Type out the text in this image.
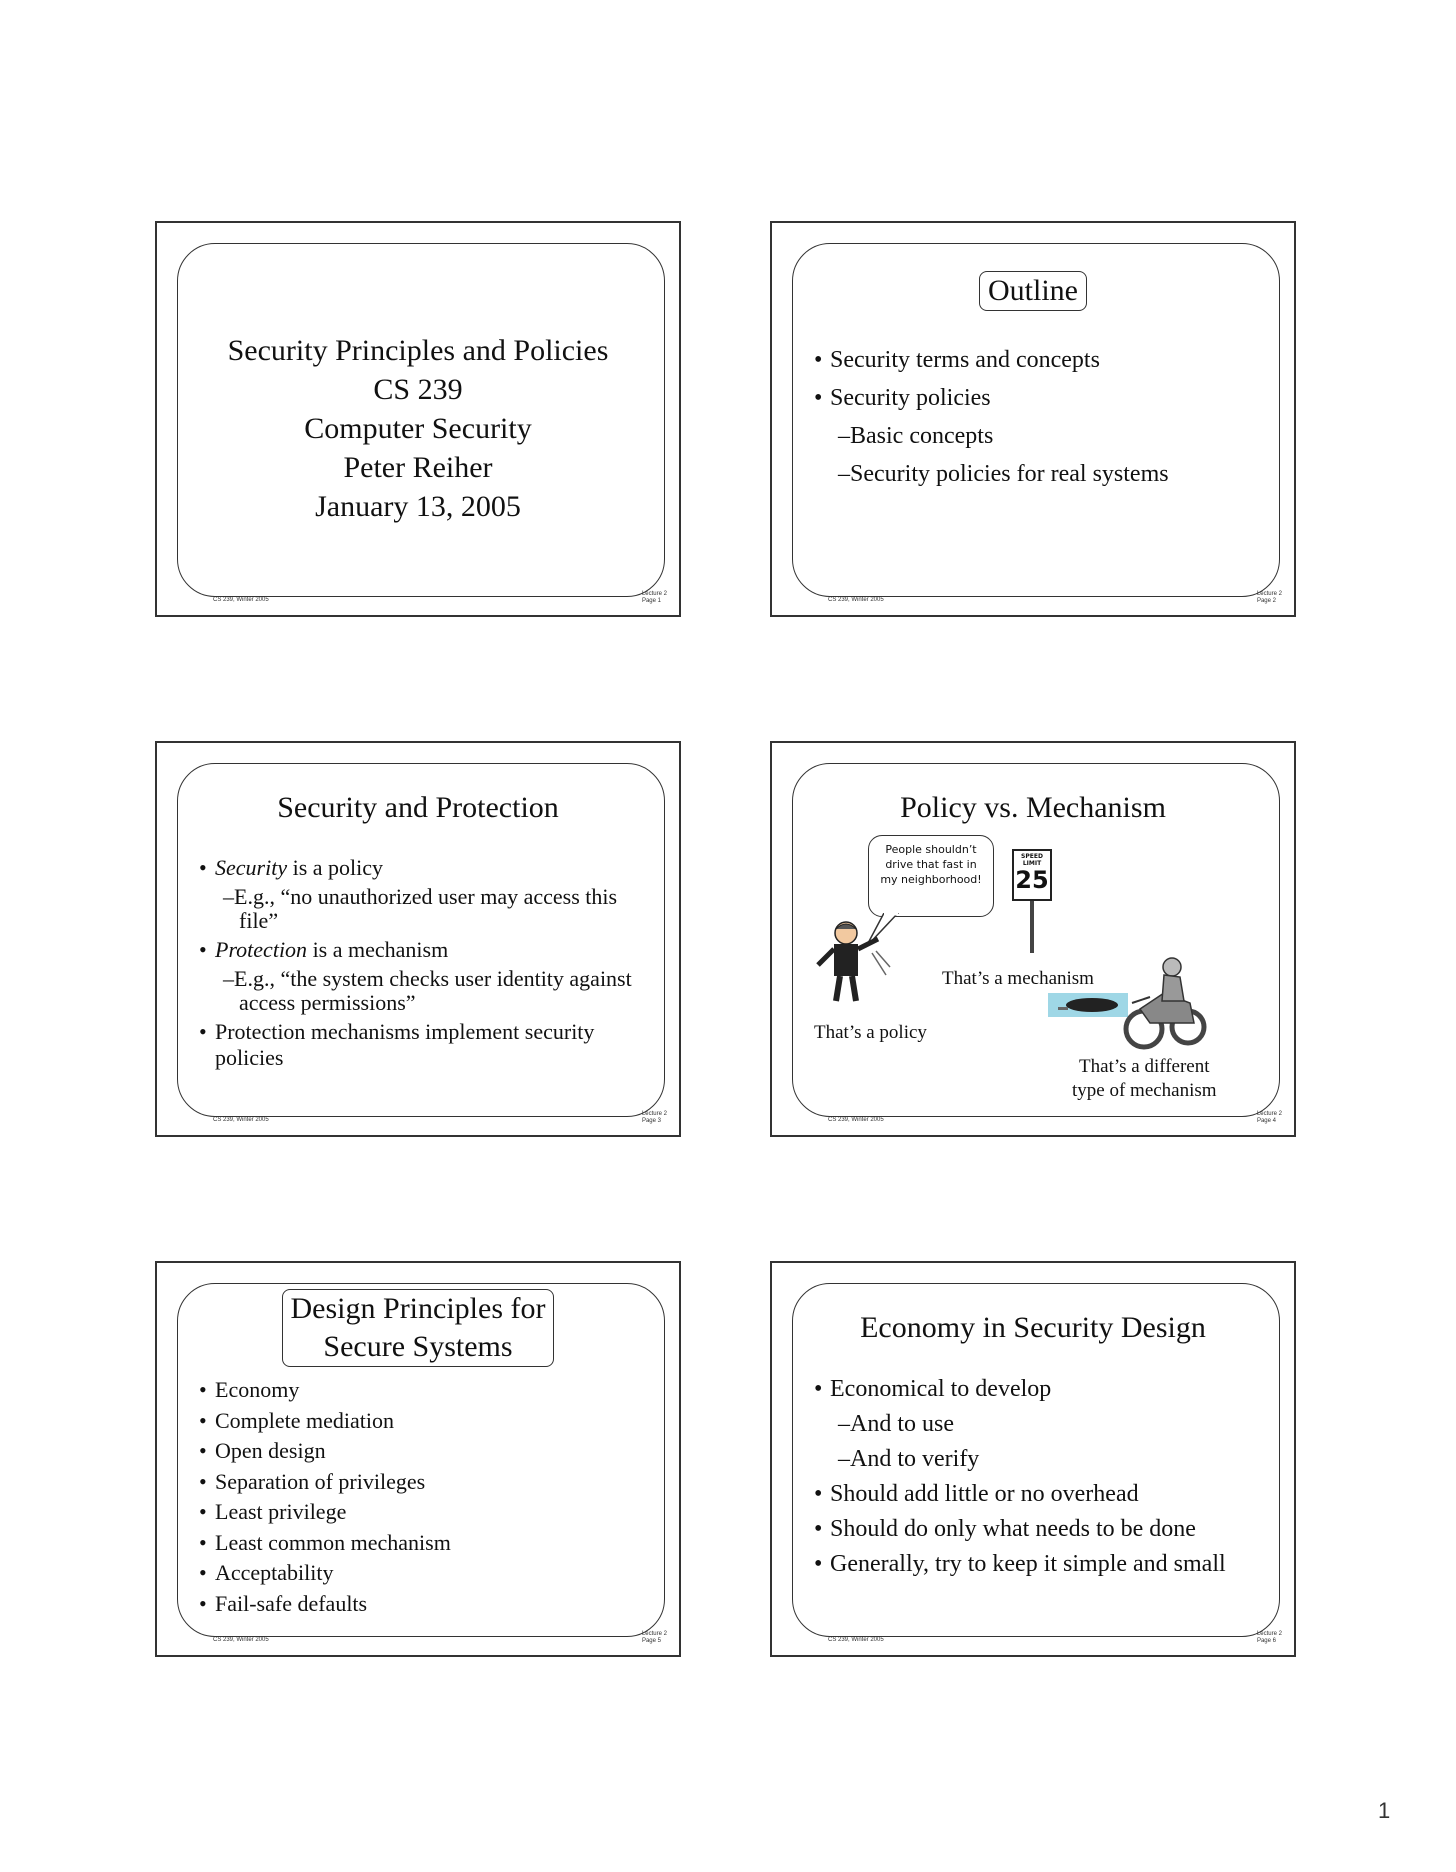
Security Principles and Policies
CS 239
Computer Security
Peter Reiher
January 13, 2005
CS 239, Winter 2005
Lecture 2
Page 1
Outline
• Security terms and concepts
• Security policies
–Basic concepts
–Security policies for real systems
CS 239, Winter 2005
Lecture 2
Page 2
Security and Protection
• Security is a policy
–E.g., “no unauthorized user may access this file”
• Protection is a mechanism
–E.g., “the system checks user identity against access permissions”
• Protection mechanisms implement security policies
CS 239, Winter 2005
Lecture 2
Page 3
Policy vs. Mechanism
People shouldn’t drive that fast in my neighborhood!
SPEED LIMIT
25
That’s a mechanism
That’s a policy
That’s a different
type of mechanism
CS 239, Winter 2005
Lecture 2
Page 4
Design Principles for
Secure Systems
• Economy
• Complete mediation
• Open design
• Separation of privileges
• Least privilege
• Least common mechanism
• Acceptability
• Fail-safe defaults
CS 239, Winter 2005
Lecture 2
Page 5
Economy in Security Design
• Economical to develop
–And to use
–And to verify
• Should add little or no overhead
• Should do only what needs to be done
• Generally, try to keep it simple and small
CS 239, Winter 2005
Lecture 2
Page 6
1
